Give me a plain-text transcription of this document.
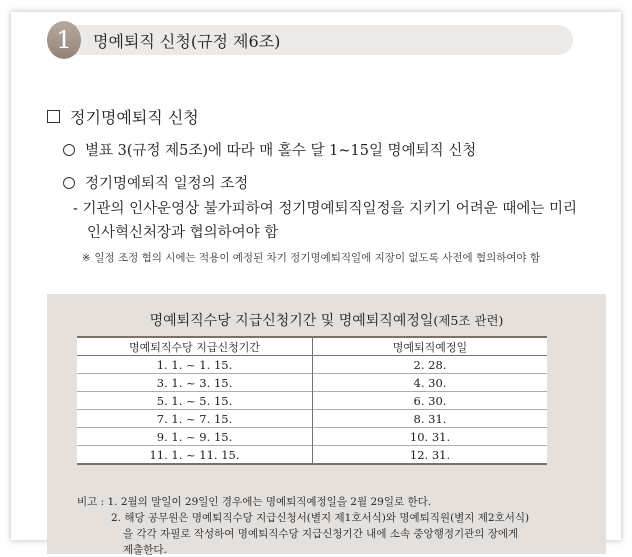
1	명예퇴직 신청(규정 제6조)
정기명예퇴직 신청
별표 3(규정 제5조)에 따라 매 홀수 달 1~15일 명예퇴직 신청
정기명예퇴직 일정의 조정
- 기관의 인사운영상 불가피하여 정기명예퇴직일정을 지키기 어려운 때에는 미리
인사혁신처장과 협의하여야 함
※ 일정 조정 협의 시에는 적용이 예정된 차기 정기명예퇴직일에 지장이 없도록 사전에 협의하여야 함
명예퇴직수당 지급신청기간 및 명예퇴직예정일(제5조 관련)
명예퇴직수당 지급신청기간	명예퇴직예정일
1. 1. ~ 1. 15.	2. 28.
3. 1. ~ 3. 15.	4. 30.
5. 1. ~ 5. 15.	6. 30.
7. 1. ~ 7. 15.	8. 31.
9. 1. ~ 9. 15.	10. 31.
11. 1. ~ 11. 15.	12. 31.
비고 : 1. 2월의 말일이 29일인 경우에는 명예퇴직예정일을 2월 29일로 한다.
2. 해당 공무원은 명예퇴직수당 지급신청서(별지 제1호서식)와 명예퇴직원(별지 제2호서식)
을 각각 자필로 작성하여 명예퇴직수당 지급신청기간 내에 소속 중앙행정기관의 장에게
제출한다.
